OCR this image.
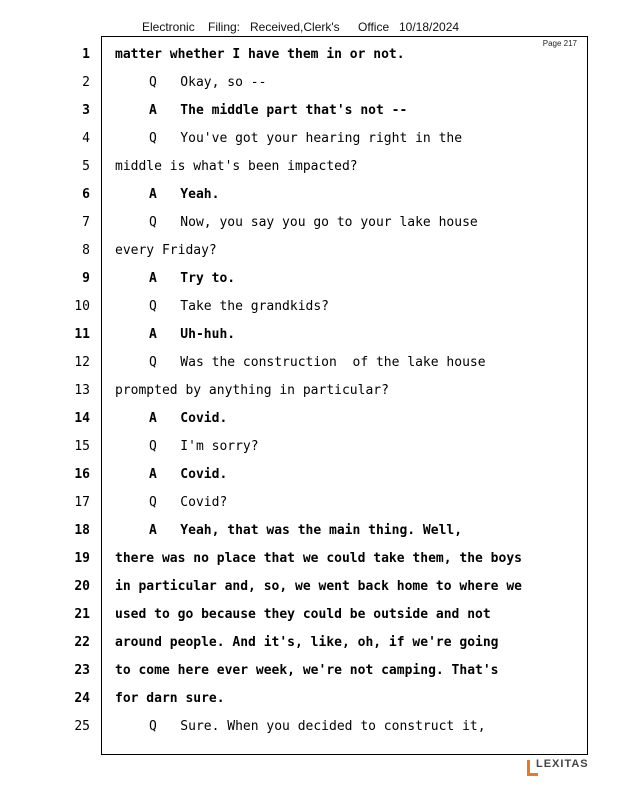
Electronic Filing: Received,Clerk's Office 10/18/2024
Page 217
1 matter whether I have them in or not.
2	Q   Okay, so --
3	A   The middle part that's not --
4	Q   You've got your hearing right in the
5 middle is what's been impacted?
6	A   Yeah.
7	Q   Now, you say you go to your lake house
8 every Friday?
9	A   Try to.
10	Q   Take the grandkids?
11	A   Uh-huh.
12	Q   Was the construction  of the lake house
13 prompted by anything in particular?
14	A   Covid.
15	Q   I'm sorry?
16	A   Covid.
17	Q   Covid?
18	A   Yeah, that was the main thing. Well,
19 there was no place that we could take them, the boys
20 in particular and, so, we went back home to where we
21 used to go because they could be outside and not
22 around people. And it's, like, oh, if we're going
23 to come here ever week, we're not camping. That's
24 for darn sure.
25	Q   Sure. When you decided to construct it,
LEXITAS
